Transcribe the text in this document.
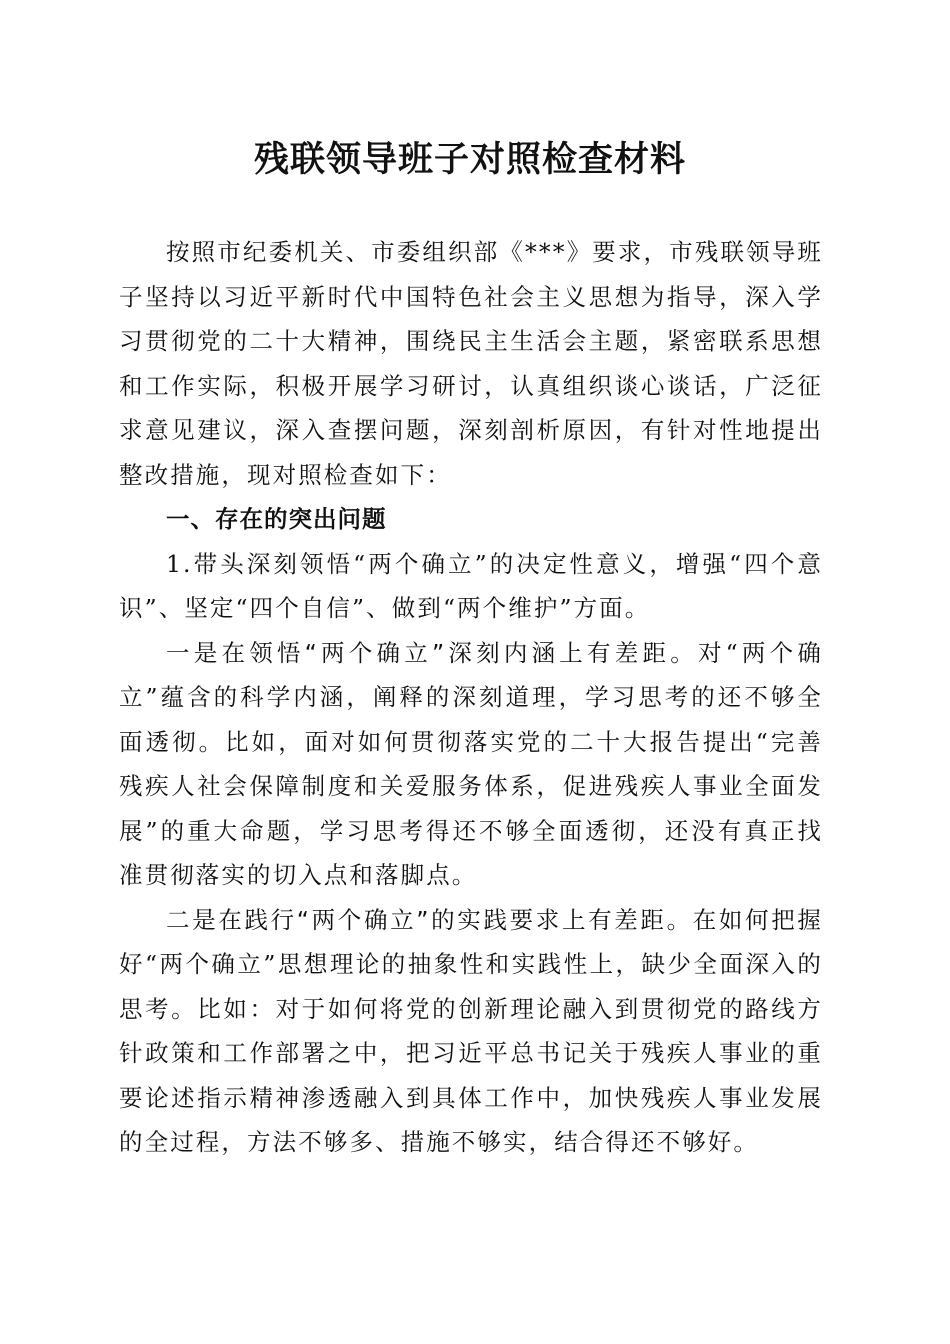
残联领导班子对照检查材料

按照市纪委机关、市委组织部《***》要求，市残联领导班子坚持以习近平新时代中国特色社会主义思想为指导，深入学习贯彻党的二十大精神，围绕民主生活会主题，紧密联系思想和工作实际，积极开展学习研讨，认真组织谈心谈话，广泛征求意见建议，深入查摆问题，深刻剖析原因，有针对性地提出整改措施，现对照检查如下：

一、存在的突出问题

1.带头深刻领悟“两个确立”的决定性意义，增强“四个意识”、坚定“四个自信”、做到“两个维护”方面。

一是在领悟“两个确立”深刻内涵上有差距。对“两个确立”蕴含的科学内涵，阐释的深刻道理，学习思考的还不够全面透彻。比如，面对如何贯彻落实党的二十大报告提出“完善残疾人社会保障制度和关爱服务体系，促进残疾人事业全面发展”的重大命题，学习思考得还不够全面透彻，还没有真正找准贯彻落实的切入点和落脚点。

二是在践行“两个确立”的实践要求上有差距。在如何把握好“两个确立”思想理论的抽象性和实践性上，缺少全面深入的思考。比如：对于如何将党的创新理论融入到贯彻党的路线方针政策和工作部署之中，把习近平总书记关于残疾人事业的重要论述指示精神渗透融入到具体工作中，加快残疾人事业发展的全过程，方法不够多、措施不够实，结合得还不够好。
